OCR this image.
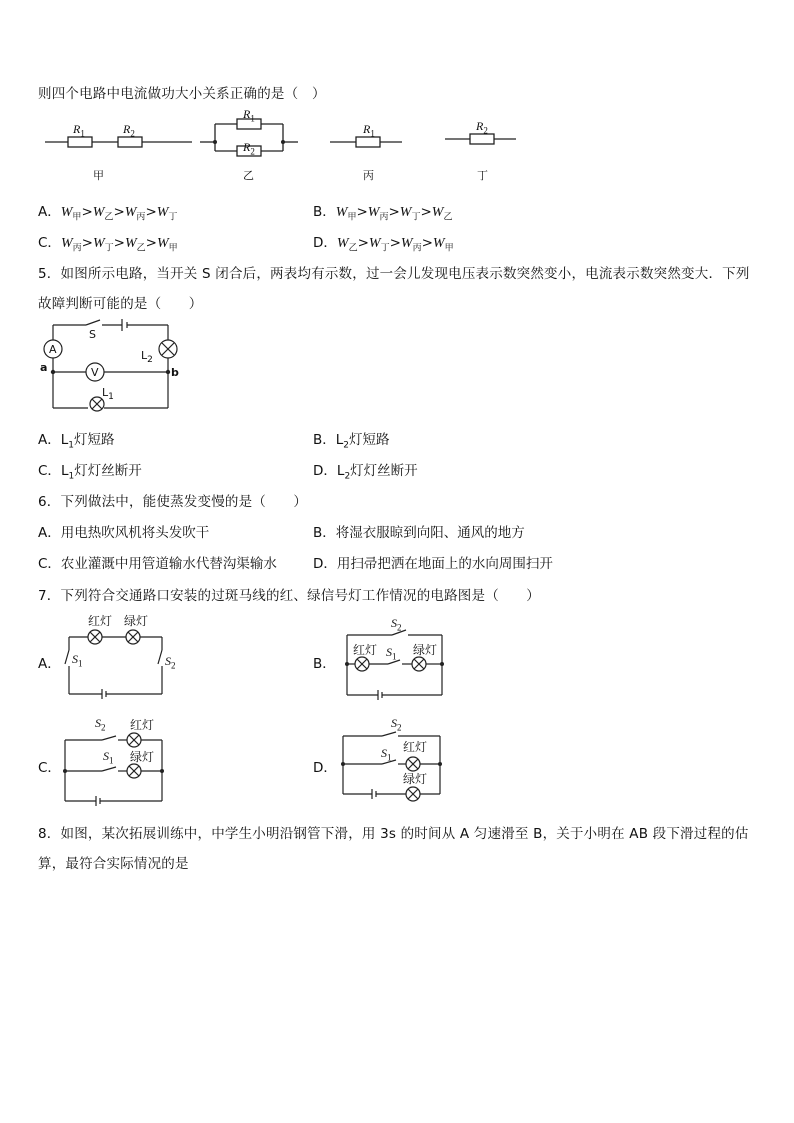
则四个电路中电流做功大小关系正确的是（　）
$R_1$	$R_2$
$R_1$
$R_2$
$R_1$
$R_2$
甲	乙	丙	丁
A．$W_甲>W_乙>W_丙>W_丁$	B．$W_甲>W_丙>W_丁>W_乙$
C．$W_丙>W_丁>W_乙>W_甲$	D．$W_乙>W_丁>W_丙>W_甲$
5．如图所示电路，当开关 S 闭合后，两表均有示数，过一会儿发现电压表示数突然变小，电流表示数突然变大．下列
故障判断可能的是（　　）
A
V
S
a	b
$L_2$
$L_1$
A．$L_1$灯短路	B．$L_2$灯短路
C．$L_1$灯灯丝断开	D．$L_2$灯灯丝断开
6．下列做法中，能使蒸发变慢的是（　　）
A．用电热吹风机将头发吹干	B．将湿衣服晾到向阳、通风的地方
C．农业灌溉中用管道输水代替沟渠输水	D．用扫帚把洒在地面上的水向周围扫开
7．下列符合交通路口安装的过斑马线的红、绿信号灯工作情况的电路图是（　　）
A．
红灯 绿灯
$S_1$	$S_2$	B．
$S_2$
红灯 $S_1$ 绿灯
C．
$S_2$ 红灯
$S_1$ 绿灯
D．
$S_2$
$S_1$
红灯
绿灯
8．如图，某次拓展训练中，中学生小明沿钢管下滑，用 3s 的时间从 A 匀速滑至 B，关于小明在 AB 段下滑过程的估
算，最符合实际情况的是
